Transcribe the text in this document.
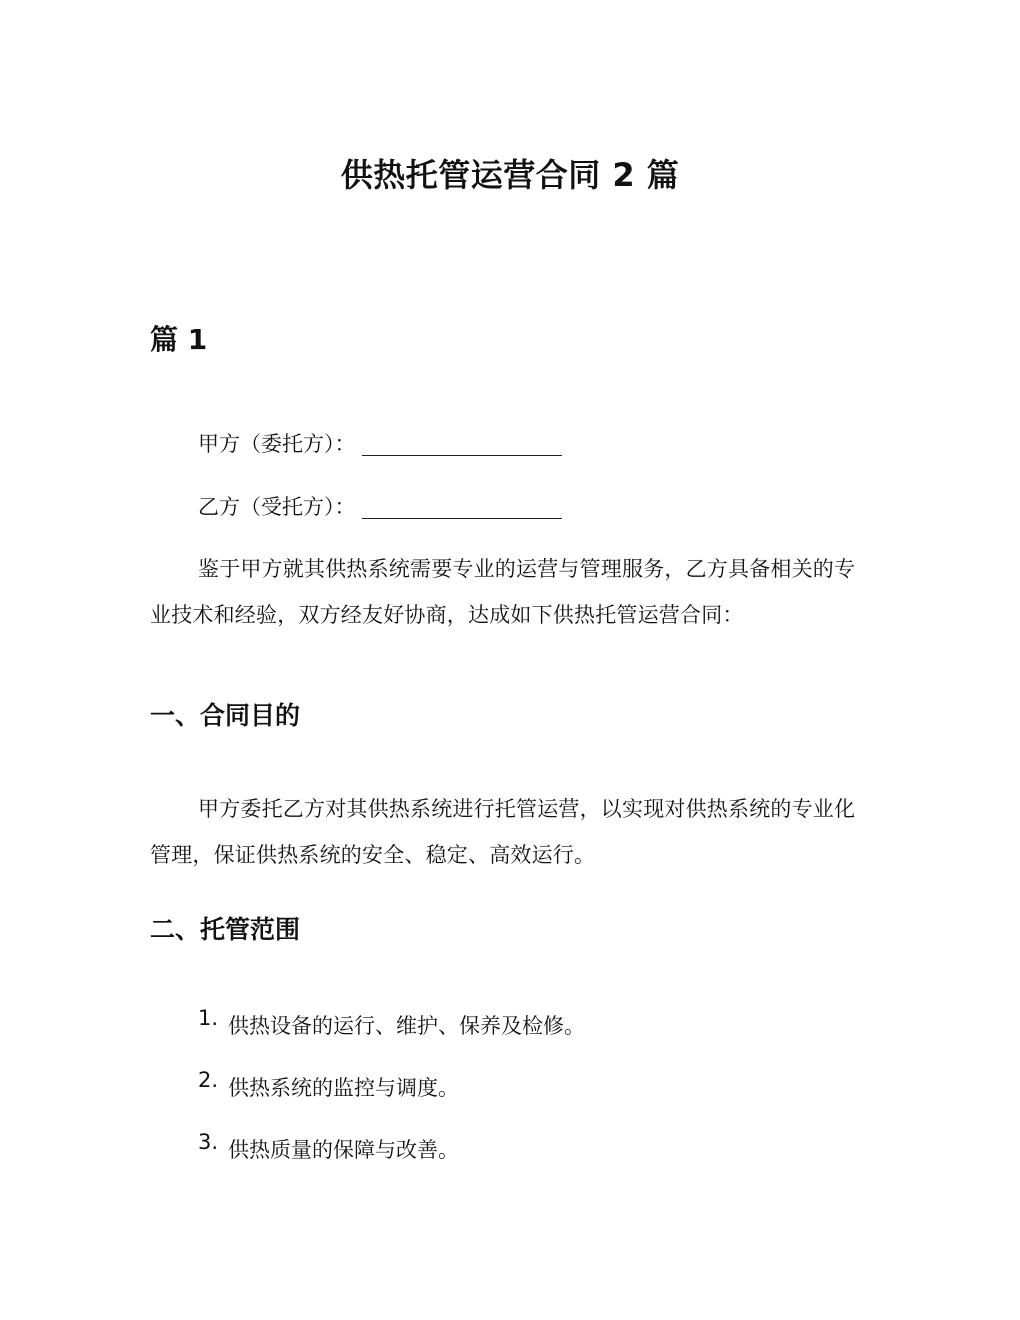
供热托管运营合同 2 篇
篇 1
甲方（委托方）：
乙方（受托方）：
鉴于甲方就其供热系统需要专业的运营与管理服务，乙方具备相关的专业技术和经验，双方经友好协商，达成如下供热托管运营合同：
一、合同目的
甲方委托乙方对其供热系统进行托管运营，以实现对供热系统的专业化管理，保证供热系统的安全、稳定、高效运行。
二、托管范围
1. 供热设备的运行、维护、保养及检修。
2. 供热系统的监控与调度。
3. 供热质量的保障与改善。
